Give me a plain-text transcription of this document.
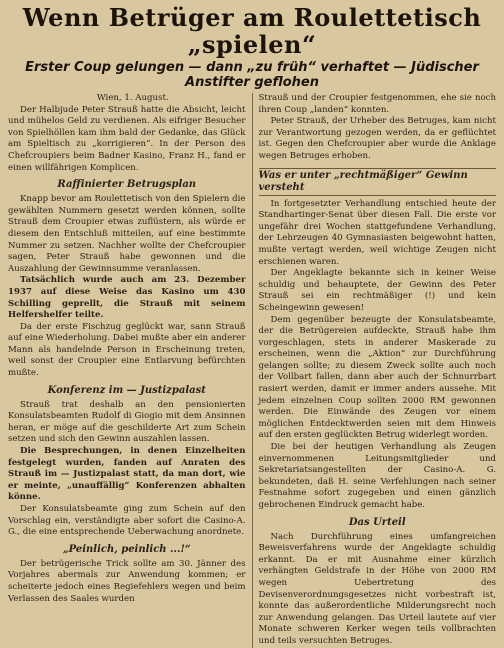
Wenn Betrüger am Roulettetisch
„spielen“

Erster Coup gelungen — dann „zu früh“ verhaftet — Jüdischer
Anstifter geflohen

Wien, 1. August.

Der Halbjude Peter Strauß hatte die Absicht, leicht und mühelos Geld zu verdienen. Als eifriger Besucher von Spielhöllen kam ihm bald der Gedanke, das Glück am Spieltisch zu „korrigieren“. In der Person des Chefcroupiers beim Badner Kasino, Franz H., fand er einen willfährigen Komplicen.

Raffinierter Betrugsplan

Knapp bevor am Roulettetisch von den Spielern die gewählten Nummern gesetzt werden können, sollte Strauß dem Croupier etwas zuflüstern, als würde er diesem den Entschluß mitteilen, auf eine bestimmte Nummer zu setzen. Nachher wollte der Chefcroupier sagen, Peter Strauß habe gewonnen und die Auszahlung der Gewinnsumme veranlassen.

Tatsächlich wurde auch am 23. Dezember 1937 auf diese Weise das Kasino um 430 Schilling geprellt, die Strauß mit seinem Helfershelfer teilte.

Da der erste Fischzug geglückt war, sann Strauß auf eine Wiederholung. Dabei mußte aber ein anderer Mann als handelnde Person in Erscheinung treten, weil sonst der Croupier eine Entlarvung befürchten mußte.

Konferenz im — Justizpalast

Strauß trat deshalb an den pensionierten Konsulatsbeamten Rudolf di Giogio mit dem Ansinnen heran, er möge auf die geschilderte Art zum Schein setzen und sich den Gewinn auszahlen lassen.

Die Besprechungen, in denen Einzelheiten festgelegt wurden, fanden auf Anraten des Strauß im — Justizpalast statt, da man dort, wie er meinte, „unauffällig“ Konferenzen abhalten könne.

Der Konsulatsbeamte ging zum Schein auf den Vorschlag ein, verständigte aber sofort die Casino-A. G., die eine entsprechende Ueberwachung anordnete.

„Peinlich, peinlich ...!“

Der betrügerische Trick sollte am 30. Jänner des Vorjahres abermals zur Anwendung kommen; er scheiterte jedoch eines Regiefehlers wegen und beim Verlassen des Saales wurden

Strauß und der Croupier festgenommen, ehe sie noch ihren Coup „landen“ konnten.

Peter Strauß, der Urheber des Betruges, kam nicht zur Verantwortung gezogen werden, da er geflüchtet ist. Gegen den Chefcroupier aber wurde die Anklage wegen Betruges erhoben.

Was er unter „rechtmäßiger“ Gewinn versteht

In fortgesetzter Verhandlung entschied heute der Standhartinger-Senat über diesen Fall. Die erste vor ungefähr drei Wochen stattgefundene Verhandlung, der Lehrzeugen 40 Gymnasiasten beigewohnt hatten, mußte vertagt werden, weil wichtige Zeugen nicht erschienen waren.

Der Angeklagte bekannte sich in keiner Weise schuldig und behauptete, der Gewinn des Peter Strauß sei ein rechtmäßiger (!) und kein Scheingewinn gewesen!

Dem gegenüber bezeugte der Konsulatsbeamte, der die Betrügereien aufdeckte, Strauß habe ihm vorgeschlagen, stets in anderer Maskerade zu erscheinen, wenn die „Aktion“ zur Durchführung gelangen sollte; zu diesem Zweck sollte auch noch der Vollbart fallen, dann aber auch der Schnurrbart rasiert werden, damit er immer anders aussehe. Mit jedem einzelnen Coup sollten 2000 RM gewonnen werden. Die Einwände des Zeugen vor einem möglichen Entdecktwerden seien mit dem Hinweis auf den ersten geglückten Betrug widerlegt worden.

Die bei der heutigen Verhandlung als Zeugen einvernommenen Leitungsmitglieder und Sekretariatsangestellten der Casino-A. G. bekundeten, daß H. seine Verfehlungen nach seiner Festnahme sofort zugegeben und einen gänzlich gebrochenen Eindruck gemacht habe.

Das Urteil

Nach Durchführung eines umfangreichen Beweisverfahrens wurde der Angeklagte schuldig erkannt. Da er mit Ausnahme einer kürzlich verhängten Geldstrafe in der Höhe von 2000 RM wegen Uebertretung des Devisenverordnungsgesetzes nicht vorbestraft ist, konnte das außerordentliche Milderungsrecht noch zur Anwendung gelangen. Das Urteil lautete auf vier Monate schweren Kerker wegen teils vollbrachten und teils versuchten Betruges.
